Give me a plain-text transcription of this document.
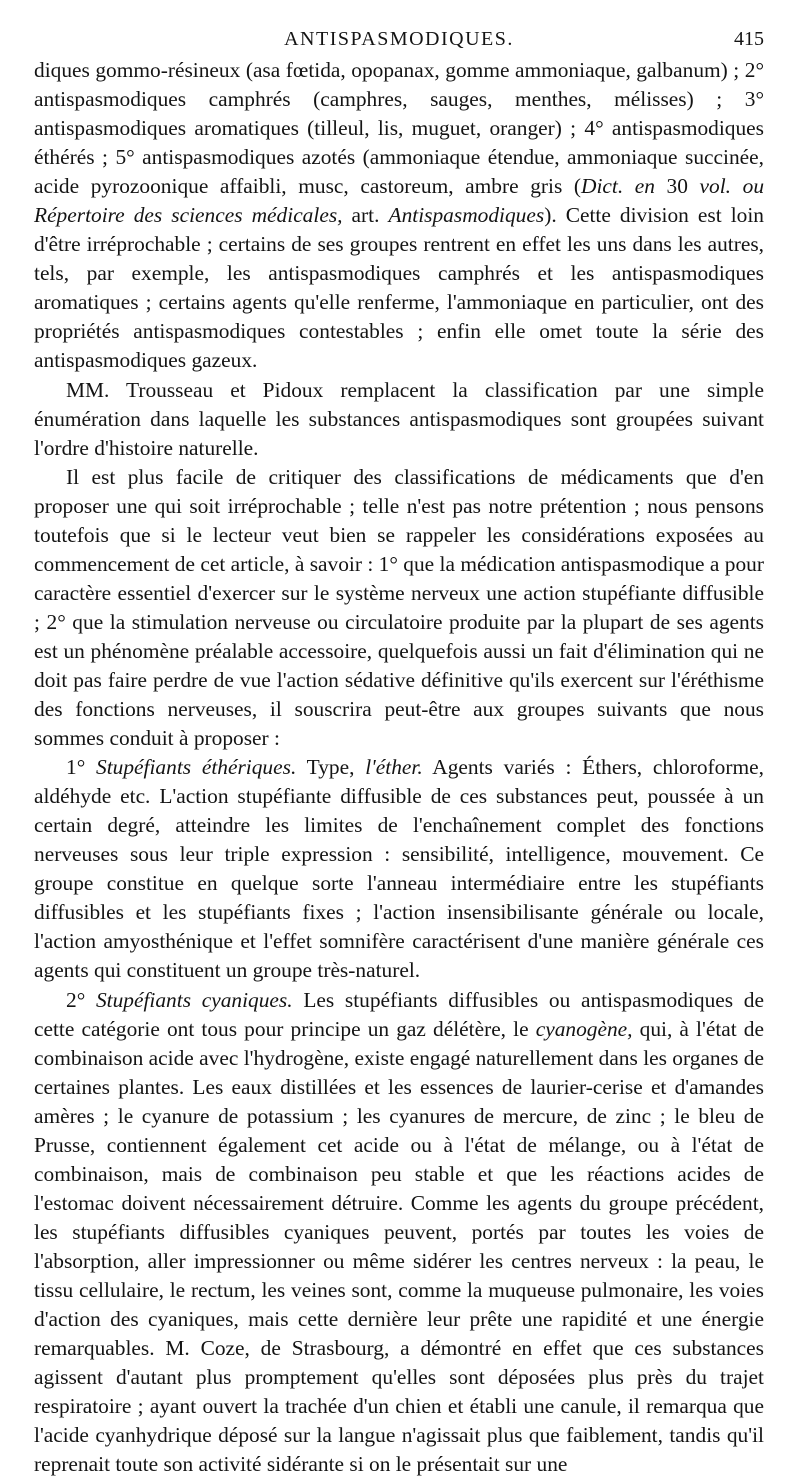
ANTISPASMODIQUES.	415

diques gommo-résineux (asa fœtida, opopanax, gomme ammoniaque, galbanum) ; 2° antispasmodiques camphrés (camphres, sauges, menthes, mélisses) ; 3° antispasmodiques aromatiques (tilleul, lis, muguet, oranger) ; 4° antispasmodiques éthérés ; 5° antispasmodiques azotés (ammoniaque étendue, ammoniaque succinée, acide pyrozoonique affaibli, musc, castoreum, ambre gris (Dict. en 30 vol. ou Répertoire des sciences médicales, art. Antispasmodiques). Cette division est loin d'être irréprochable ; certains de ses groupes rentrent en effet les uns dans les autres, tels, par exemple, les antispasmodiques camphrés et les antispasmodiques aromatiques ; certains agents qu'elle renferme, l'ammoniaque en particulier, ont des propriétés antispasmodiques contestables ; enfin elle omet toute la série des antispasmodiques gazeux.

MM. Trousseau et Pidoux remplacent la classification par une simple énumération dans laquelle les substances antispasmodiques sont groupées suivant l'ordre d'histoire naturelle.

Il est plus facile de critiquer des classifications de médicaments que d'en proposer une qui soit irréprochable ; telle n'est pas notre prétention ; nous pensons toutefois que si le lecteur veut bien se rappeler les considérations exposées au commencement de cet article, à savoir : 1° que la médication antispasmodique a pour caractère essentiel d'exercer sur le système nerveux une action stupéfiante diffusible ; 2° que la stimulation nerveuse ou circulatoire produite par la plupart de ses agents est un phénomène préalable accessoire, quelquefois aussi un fait d'élimination qui ne doit pas faire perdre de vue l'action sédative définitive qu'ils exercent sur l'éréthisme des fonctions nerveuses, il souscrira peut-être aux groupes suivants que nous sommes conduit à proposer :

1° Stupéfiants éthériques. Type, l'éther. Agents variés : Éthers, chloroforme, aldéhyde etc. L'action stupéfiante diffusible de ces substances peut, poussée à un certain degré, atteindre les limites de l'enchaînement complet des fonctions nerveuses sous leur triple expression : sensibilité, intelligence, mouvement. Ce groupe constitue en quelque sorte l'anneau intermédiaire entre les stupéfiants diffusibles et les stupéfiants fixes ; l'action insensibilisante générale ou locale, l'action amyosthénique et l'effet somnifère caractérisent d'une manière générale ces agents qui constituent un groupe très-naturel.

2° Stupéfiants cyaniques. Les stupéfiants diffusibles ou antispasmodiques de cette catégorie ont tous pour principe un gaz délétère, le cyanogène, qui, à l'état de combinaison acide avec l'hydrogène, existe engagé naturellement dans les organes de certaines plantes. Les eaux distillées et les essences de laurier-cerise et d'amandes amères ; le cyanure de potassium ; les cyanures de mercure, de zinc ; le bleu de Prusse, contiennent également cet acide ou à l'état de mélange, ou à l'état de combinaison, mais de combinaison peu stable et que les réactions acides de l'estomac doivent nécessairement détruire. Comme les agents du groupe précédent, les stupéfiants diffusibles cyaniques peuvent, portés par toutes les voies de l'absorption, aller impressionner ou même sidérer les centres nerveux : la peau, le tissu cellulaire, le rectum, les veines sont, comme la muqueuse pulmonaire, les voies d'action des cyaniques, mais cette dernière leur prête une rapidité et une énergie remarquables. M. Coze, de Strasbourg, a démontré en effet que ces substances agissent d'autant plus promptement qu'elles sont déposées plus près du trajet respiratoire ; ayant ouvert la trachée d'un chien et établi une canule, il remarqua que l'acide cyanhydrique déposé sur la langue n'agissait plus que faiblement, tandis qu'il reprenait toute son activité sidérante si on le présentait sur une
